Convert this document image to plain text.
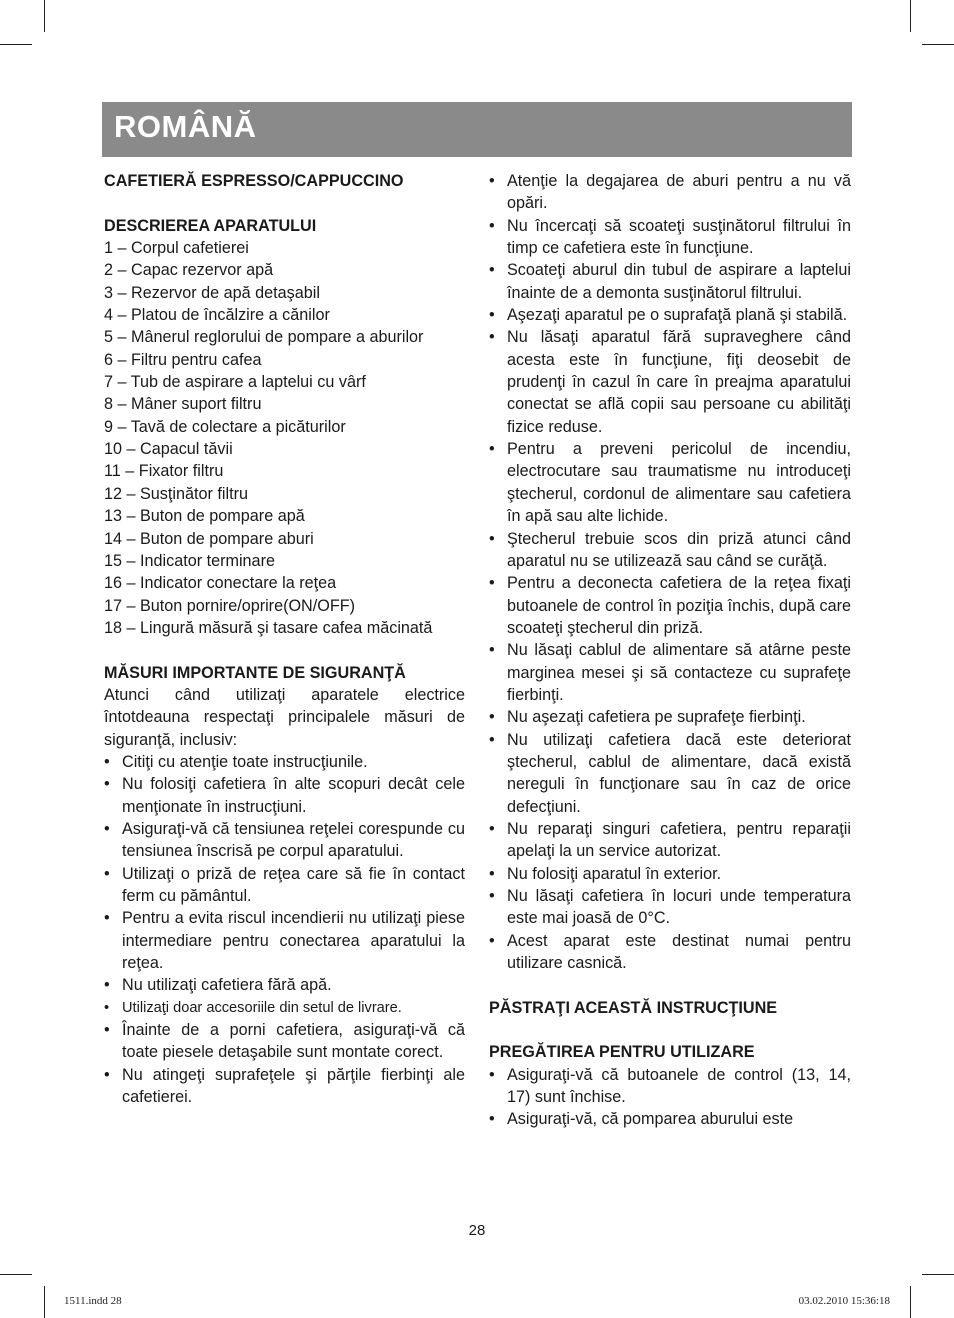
ROMÂNĂ

CAFETIERĂ ESPRESSO/CAPPUCCINO

DESCRIEREA APARATULUI

1 – Corpul cafetierei

2 – Capac rezervor apă

3 – Rezervor de apă detaşabil

4 – Platou de încălzire a cănilor

5 – Mânerul reglorului de pompare a aburilor

6 – Filtru pentru cafea

7 – Tub de aspirare a laptelui cu vârf

8 – Mâner suport filtru

9 – Tavă de colectare a picăturilor

10 – Capacul tăvii

11 – Fixator filtru

12 – Susţinător filtru

13 – Buton de pompare apă

14 – Buton de pompare aburi

15 – Indicator terminare

16 – Indicator conectare la reţea

17 – Buton pornire/oprire(ON/OFF)

18 – Lingură măsură şi tasare cafea măcinată

MĂSURI IMPORTANTE DE SIGURANŢĂ

Atunci când utilizaţi aparatele electrice întotdeauna respectaţi principalele măsuri de siguranţă, inclusiv:

• Citiţi cu atenţie toate instrucţiunile.

• Nu folosiţi cafetiera în alte scopuri decât cele menţionate în instrucţiuni.

• Asiguraţi-vă că tensiunea reţelei corespunde cu tensiunea înscrisă pe corpul aparatului.

• Utilizaţi o priză de reţea care să fie în contact ferm cu pământul.

• Pentru a evita riscul incendierii nu utilizaţi piese intermediare pentru conectarea aparatului la reţea.

• Nu utilizaţi cafetiera fără apă.

• Utilizaţi doar accesoriile din setul de livrare.

• Înainte de a porni cafetiera, asiguraţi-vă că toate piesele detaşabile sunt montate corect.

• Nu atingeţi suprafeţele şi părţile fierbinţi ale cafetierei.

• Atenţie la degajarea de aburi pentru a nu vă opări.

• Nu încercaţi să scoateţi susţinătorul filtrului în timp ce cafetiera este în funcţiune.

• Scoateţi aburul din tubul de aspirare a laptelui înainte de a demonta susţinătorul filtrului.

• Aşezaţi aparatul pe o suprafaţă plană şi stabilă.

• Nu lăsaţi aparatul fără supraveghere când acesta este în funcţiune, fiţi deosebit de prudenţi în cazul în care în preajma aparatului conectat se află copii sau persoane cu abilităţi fizice reduse.

• Pentru a preveni pericolul de incendiu, electrocutare sau traumatisme nu introduceţi ştecherul, cordonul de alimentare sau cafetiera în apă sau alte lichide.

• Ştecherul trebuie scos din priză atunci când aparatul nu se utilizează sau când se curăţă.

• Pentru a deconecta cafetiera de la reţea fixaţi butoanele de control în poziţia închis, după care scoateţi ştecherul din priză.

• Nu lăsaţi cablul de alimentare să atârne peste marginea mesei şi să contacteze cu suprafeţe fierbinţi.

• Nu aşezaţi cafetiera pe suprafeţe fierbinţi.

• Nu utilizaţi cafetiera dacă este deteriorat ştecherul, cablul de alimentare, dacă există nereguli în funcţionare sau în caz de orice defecţiuni.

• Nu reparaţi singuri cafetiera, pentru reparaţii apelaţi la un service autorizat.

• Nu folosiţi aparatul în exterior.

• Nu lăsaţi cafetiera în locuri unde temperatura este mai joasă de 0°C.

• Acest aparat este destinat numai pentru utilizare casnică.

PĂSTRAŢI ACEASTĂ INSTRUCŢIUNE

PREGĂTIREA PENTRU UTILIZARE

• Asiguraţi-vă că butoanele de control (13, 14, 17) sunt închise.

• Asiguraţi-vă, că pomparea aburului este

28
1511.indd 28	03.02.2010 15:36:18
